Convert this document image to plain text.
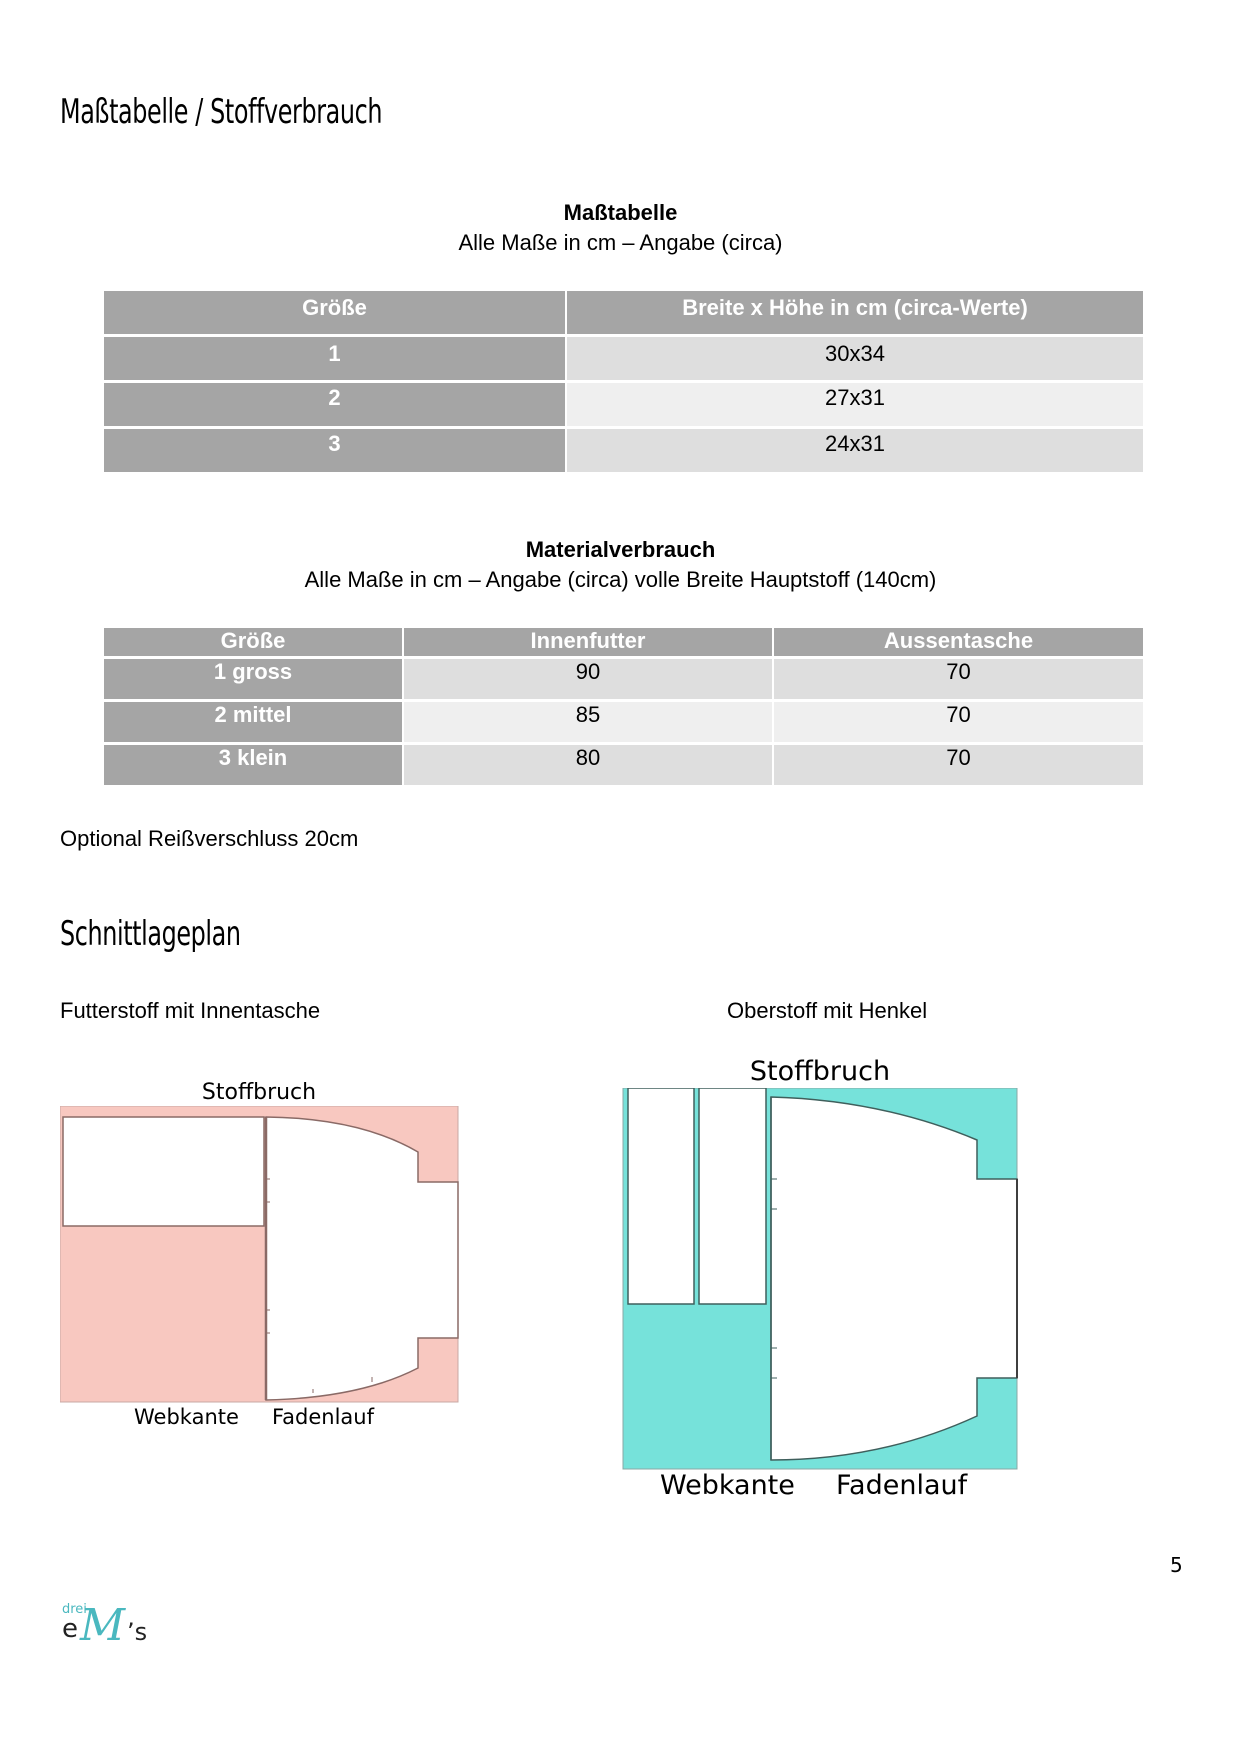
Maßtabelle / Stoffverbrauch
Maßtabelle
Alle Maße in cm – Angabe (circa)
Größe	Breite x Höhe in cm (circa-Werte)
1	30x34
2	27x31
3	24x31
Materialverbrauch
Alle Maße in cm – Angabe (circa) volle Breite Hauptstoff (140cm)
Größe	Innenfutter	Aussentasche
1 gross	90	70
2 mittel	85	70
3 klein	80	70
Optional Reißverschluss 20cm
Schnittlageplan
Futterstoff mit Innentasche	Oberstoff mit Henkel
Stoffbruch
Webkante Fadenlauf
Stoffbruch
Webkante Fadenlauf
5
drei
e M ’s
